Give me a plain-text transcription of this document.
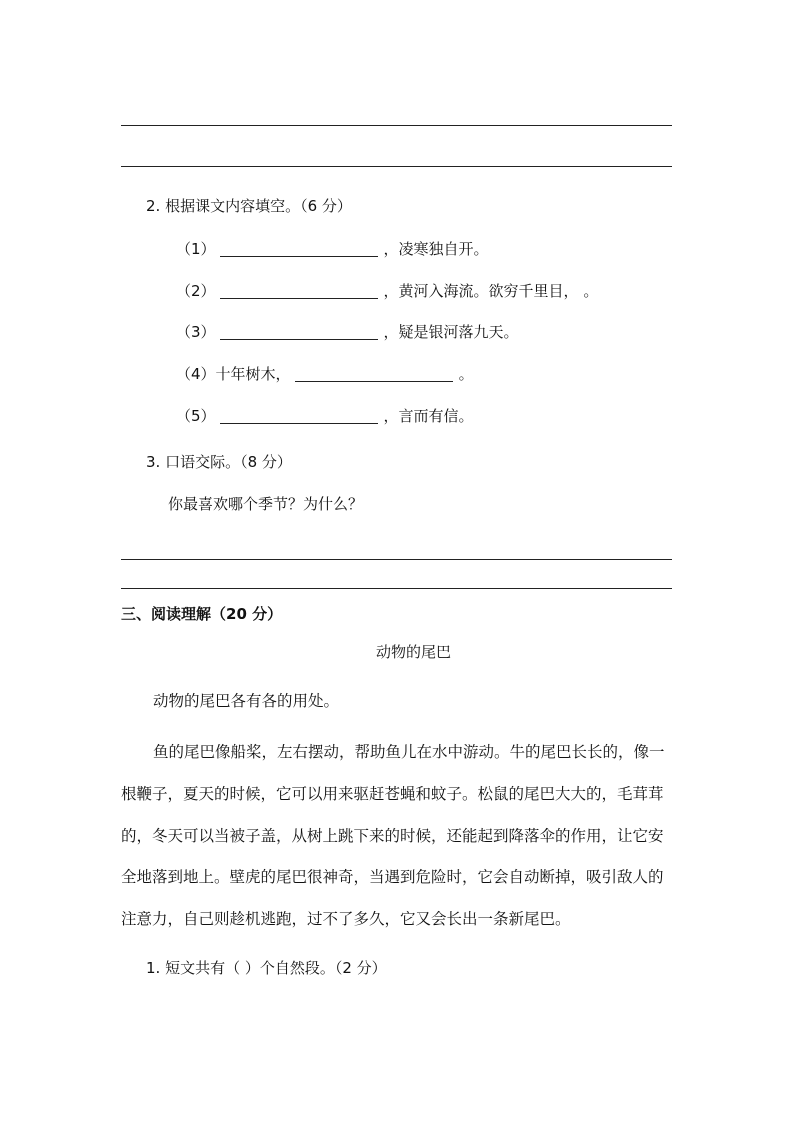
2. 根据课文内容填空。（6 分）
（1）	，凌寒独自开。
（2）	，黄河入海流。欲穷千里目， 。
（3）	，疑是银河落九天。
（4）十年树木，	。
（5）	，言而有信。
3. 口语交际。（8 分）
你最喜欢哪个季节？为什么？
三、阅读理解（20 分）
动物的尾巴
动物的尾巴各有各的用处。
鱼的尾巴像船桨，左右摆动，帮助鱼儿在水中游动。牛的尾巴长长的，像一
根鞭子，夏天的时候，它可以用来驱赶苍蝇和蚊子。松鼠的尾巴大大的，毛茸茸
的，冬天可以当被子盖，从树上跳下来的时候，还能起到降落伞的作用，让它安
全地落到地上。壁虎的尾巴很神奇，当遇到危险时，它会自动断掉，吸引敌人的
注意力，自己则趁机逃跑，过不了多久，它又会长出一条新尾巴。
1. 短文共有（ ）个自然段。（2 分）
